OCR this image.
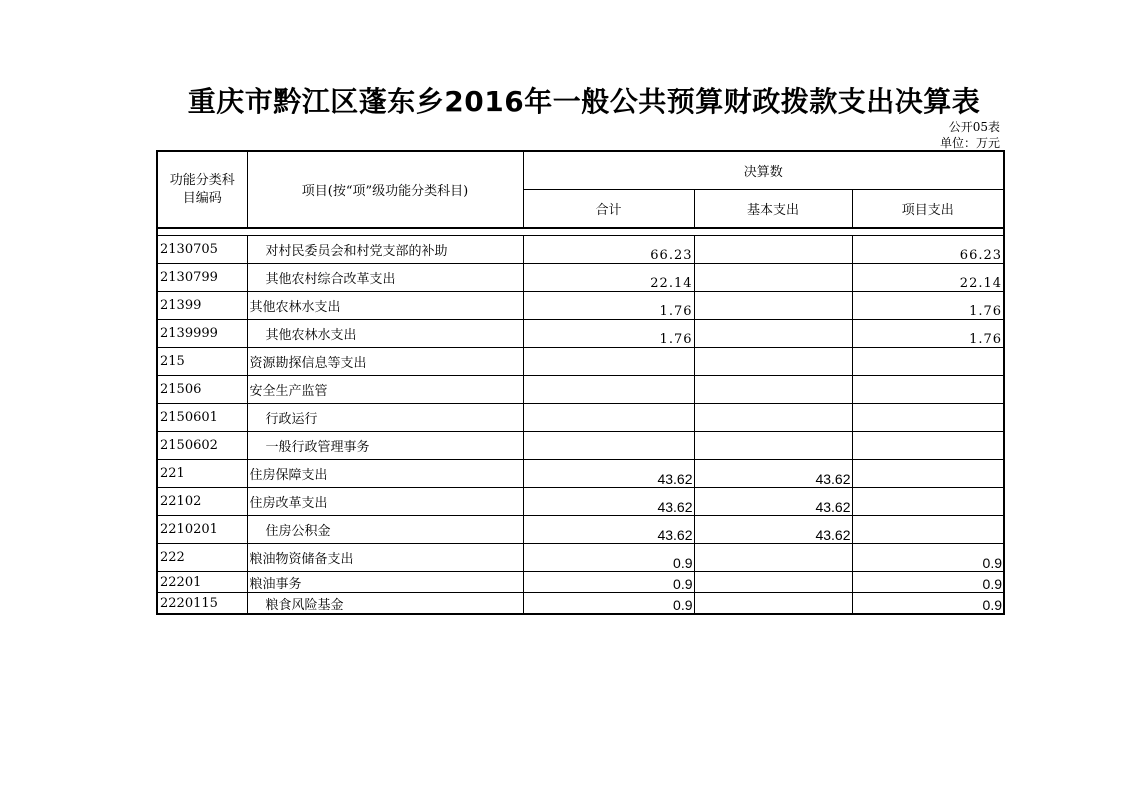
重庆市黔江区蓬东乡2016年一般公共预算财政拨款支出决算表
公开05表
单位：万元
功能分类科目编码	项目(按“项”级功能分类科目)	决算数		
		合计	基本支出	项目支出

2130705	对村民委员会和村党支部的补助	66.23		66.23
2130799	其他农村综合改革支出	22.14		22.14
21399	其他农林水支出	1.76		1.76
2139999	其他农林水支出	1.76		1.76
215	资源勘探信息等支出			
21506	安全生产监管			
2150601	行政运行			
2150602	一般行政管理事务			
221	住房保障支出	43.62	43.62	
22102	住房改革支出	43.62	43.62	
2210201	住房公积金	43.62	43.62	
222	粮油物资储备支出	0.9		0.9
22201	粮油事务	0.9		0.9
2220115	粮食风险基金	0.9		0.9
